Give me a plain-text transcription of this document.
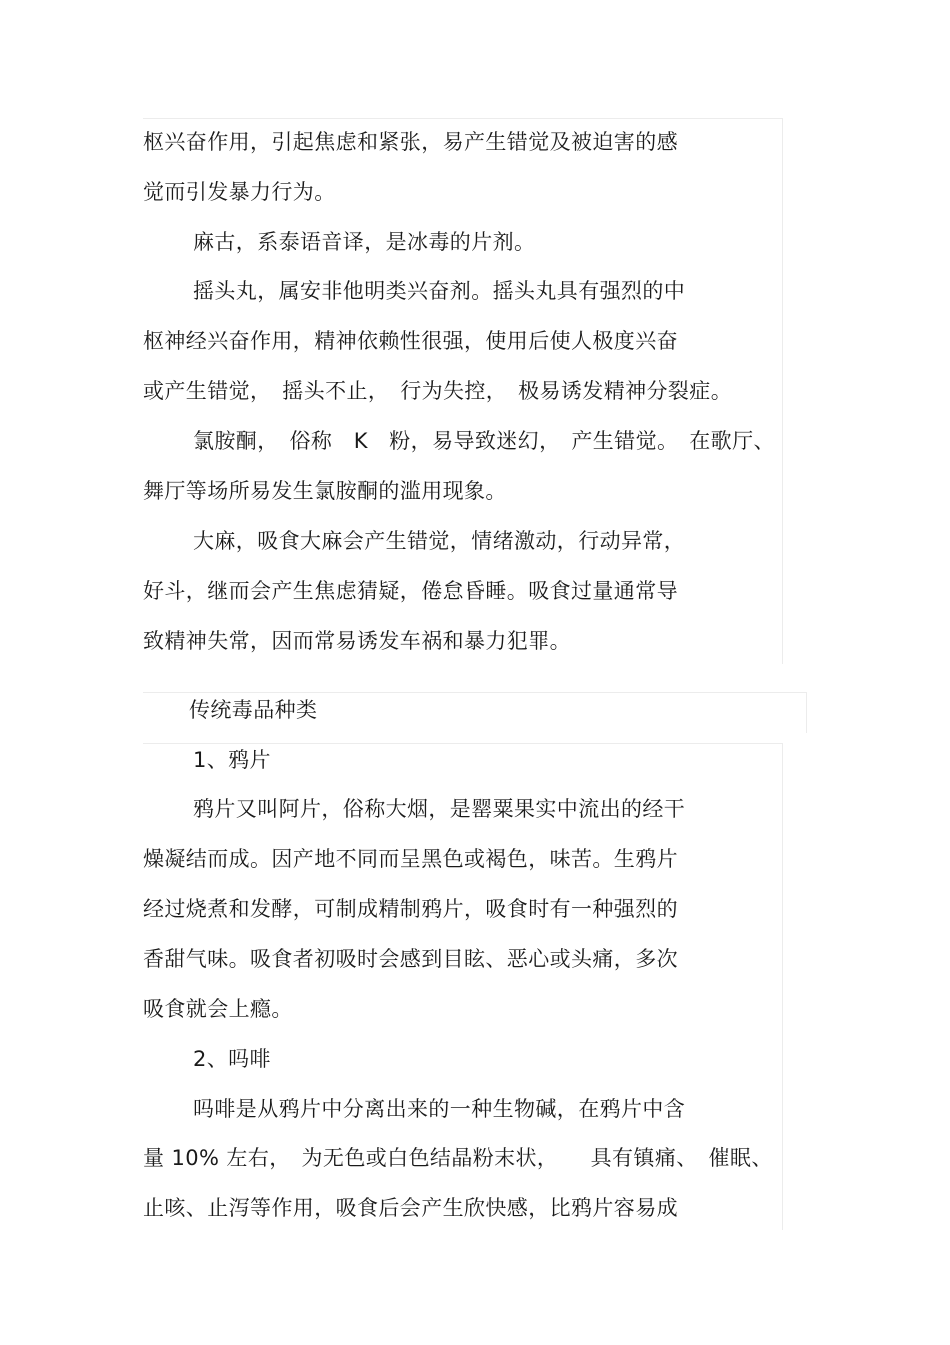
枢兴奋作用，引起焦虑和紧张，易产生错觉及被迫害的感
觉而引发暴力行为。
麻古，系泰语音译，是冰毒的片剂。
摇头丸，属安非他明类兴奋剂。摇头丸具有强烈的中
枢神经兴奋作用，精神依赖性很强，使用后使人极度兴奋
或产生错觉，　摇头不止，　行为失控，　极易诱发精神分裂症。
氯胺酮，　俗称　K　粉，易导致迷幻，　产生错觉。　在歌厅、
舞厅等场所易发生氯胺酮的滥用现象。
大麻，吸食大麻会产生错觉，情绪激动，行动异常，
好斗，继而会产生焦虑猜疑，倦怠昏睡。吸食过量通常导
致精神失常，因而常易诱发车祸和暴力犯罪。
传统毒品种类
1、鸦片
鸦片又叫阿片，俗称大烟，是罂粟果实中流出的经干
燥凝结而成。因产地不同而呈黑色或褐色，味苦。生鸦片
经过烧煮和发酵，可制成精制鸦片，吸食时有一种强烈的
香甜气味。吸食者初吸时会感到目眩、恶心或头痛，多次
吸食就会上瘾。
2、吗啡
吗啡是从鸦片中分离出来的一种生物碱，在鸦片中含
量 10% 左右，　为无色或白色结晶粉末状，　　具有镇痛、　催眠、
止咳、止泻等作用，吸食后会产生欣快感，比鸦片容易成
